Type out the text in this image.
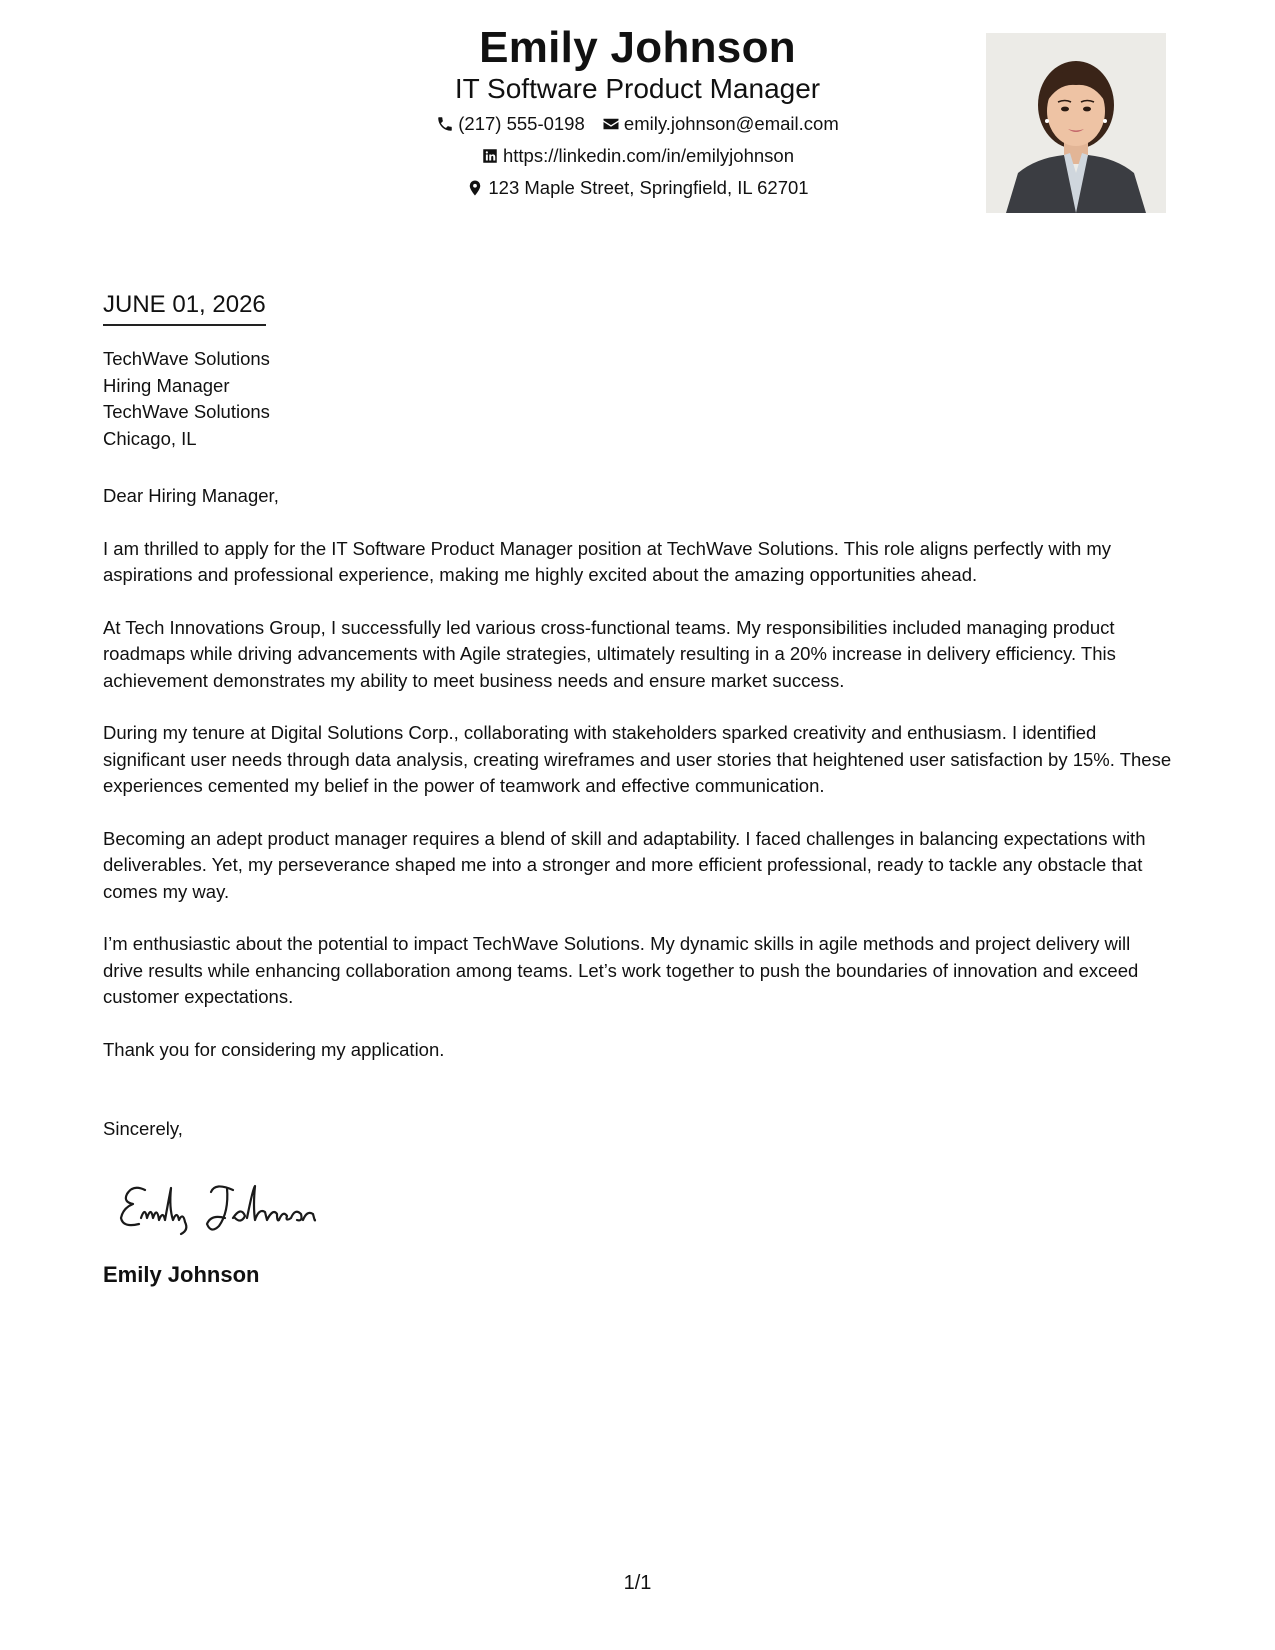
Emily Johnson
IT Software Product Manager
(217) 555-0198
emily.johnson@email.com
https://linkedin.com/in/emilyjohnson
123 Maple Street, Springfield, IL 62701
JUNE 01, 2026
TechWave Solutions
Hiring Manager
TechWave Solutions
Chicago, IL

Dear Hiring Manager,

I am thrilled to apply for the IT Software Product Manager position at TechWave Solutions. This role aligns perfectly with my aspirations and professional experience, making me highly excited about the amazing opportunities ahead.

At Tech Innovations Group, I successfully led various cross-functional teams. My responsibilities included managing product roadmaps while driving advancements with Agile strategies, ultimately resulting in a 20% increase in delivery efficiency. This achievement demonstrates my ability to meet business needs and ensure market success.

During my tenure at Digital Solutions Corp., collaborating with stakeholders sparked creativity and enthusiasm. I identified significant user needs through data analysis, creating wireframes and user stories that heightened user satisfaction by 15%. These experiences cemented my belief in the power of teamwork and effective communication.

Becoming an adept product manager requires a blend of skill and adaptability. I faced challenges in balancing expectations with deliverables. Yet, my perseverance shaped me into a stronger and more efficient professional, ready to tackle any obstacle that comes my way.

I’m enthusiastic about the potential to impact TechWave Solutions. My dynamic skills in agile methods and project delivery will drive results while enhancing collaboration among teams. Let’s work together to push the boundaries of innovation and exceed customer expectations.

Thank you for considering my application.

Sincerely,
Emily Johnson
1/1
